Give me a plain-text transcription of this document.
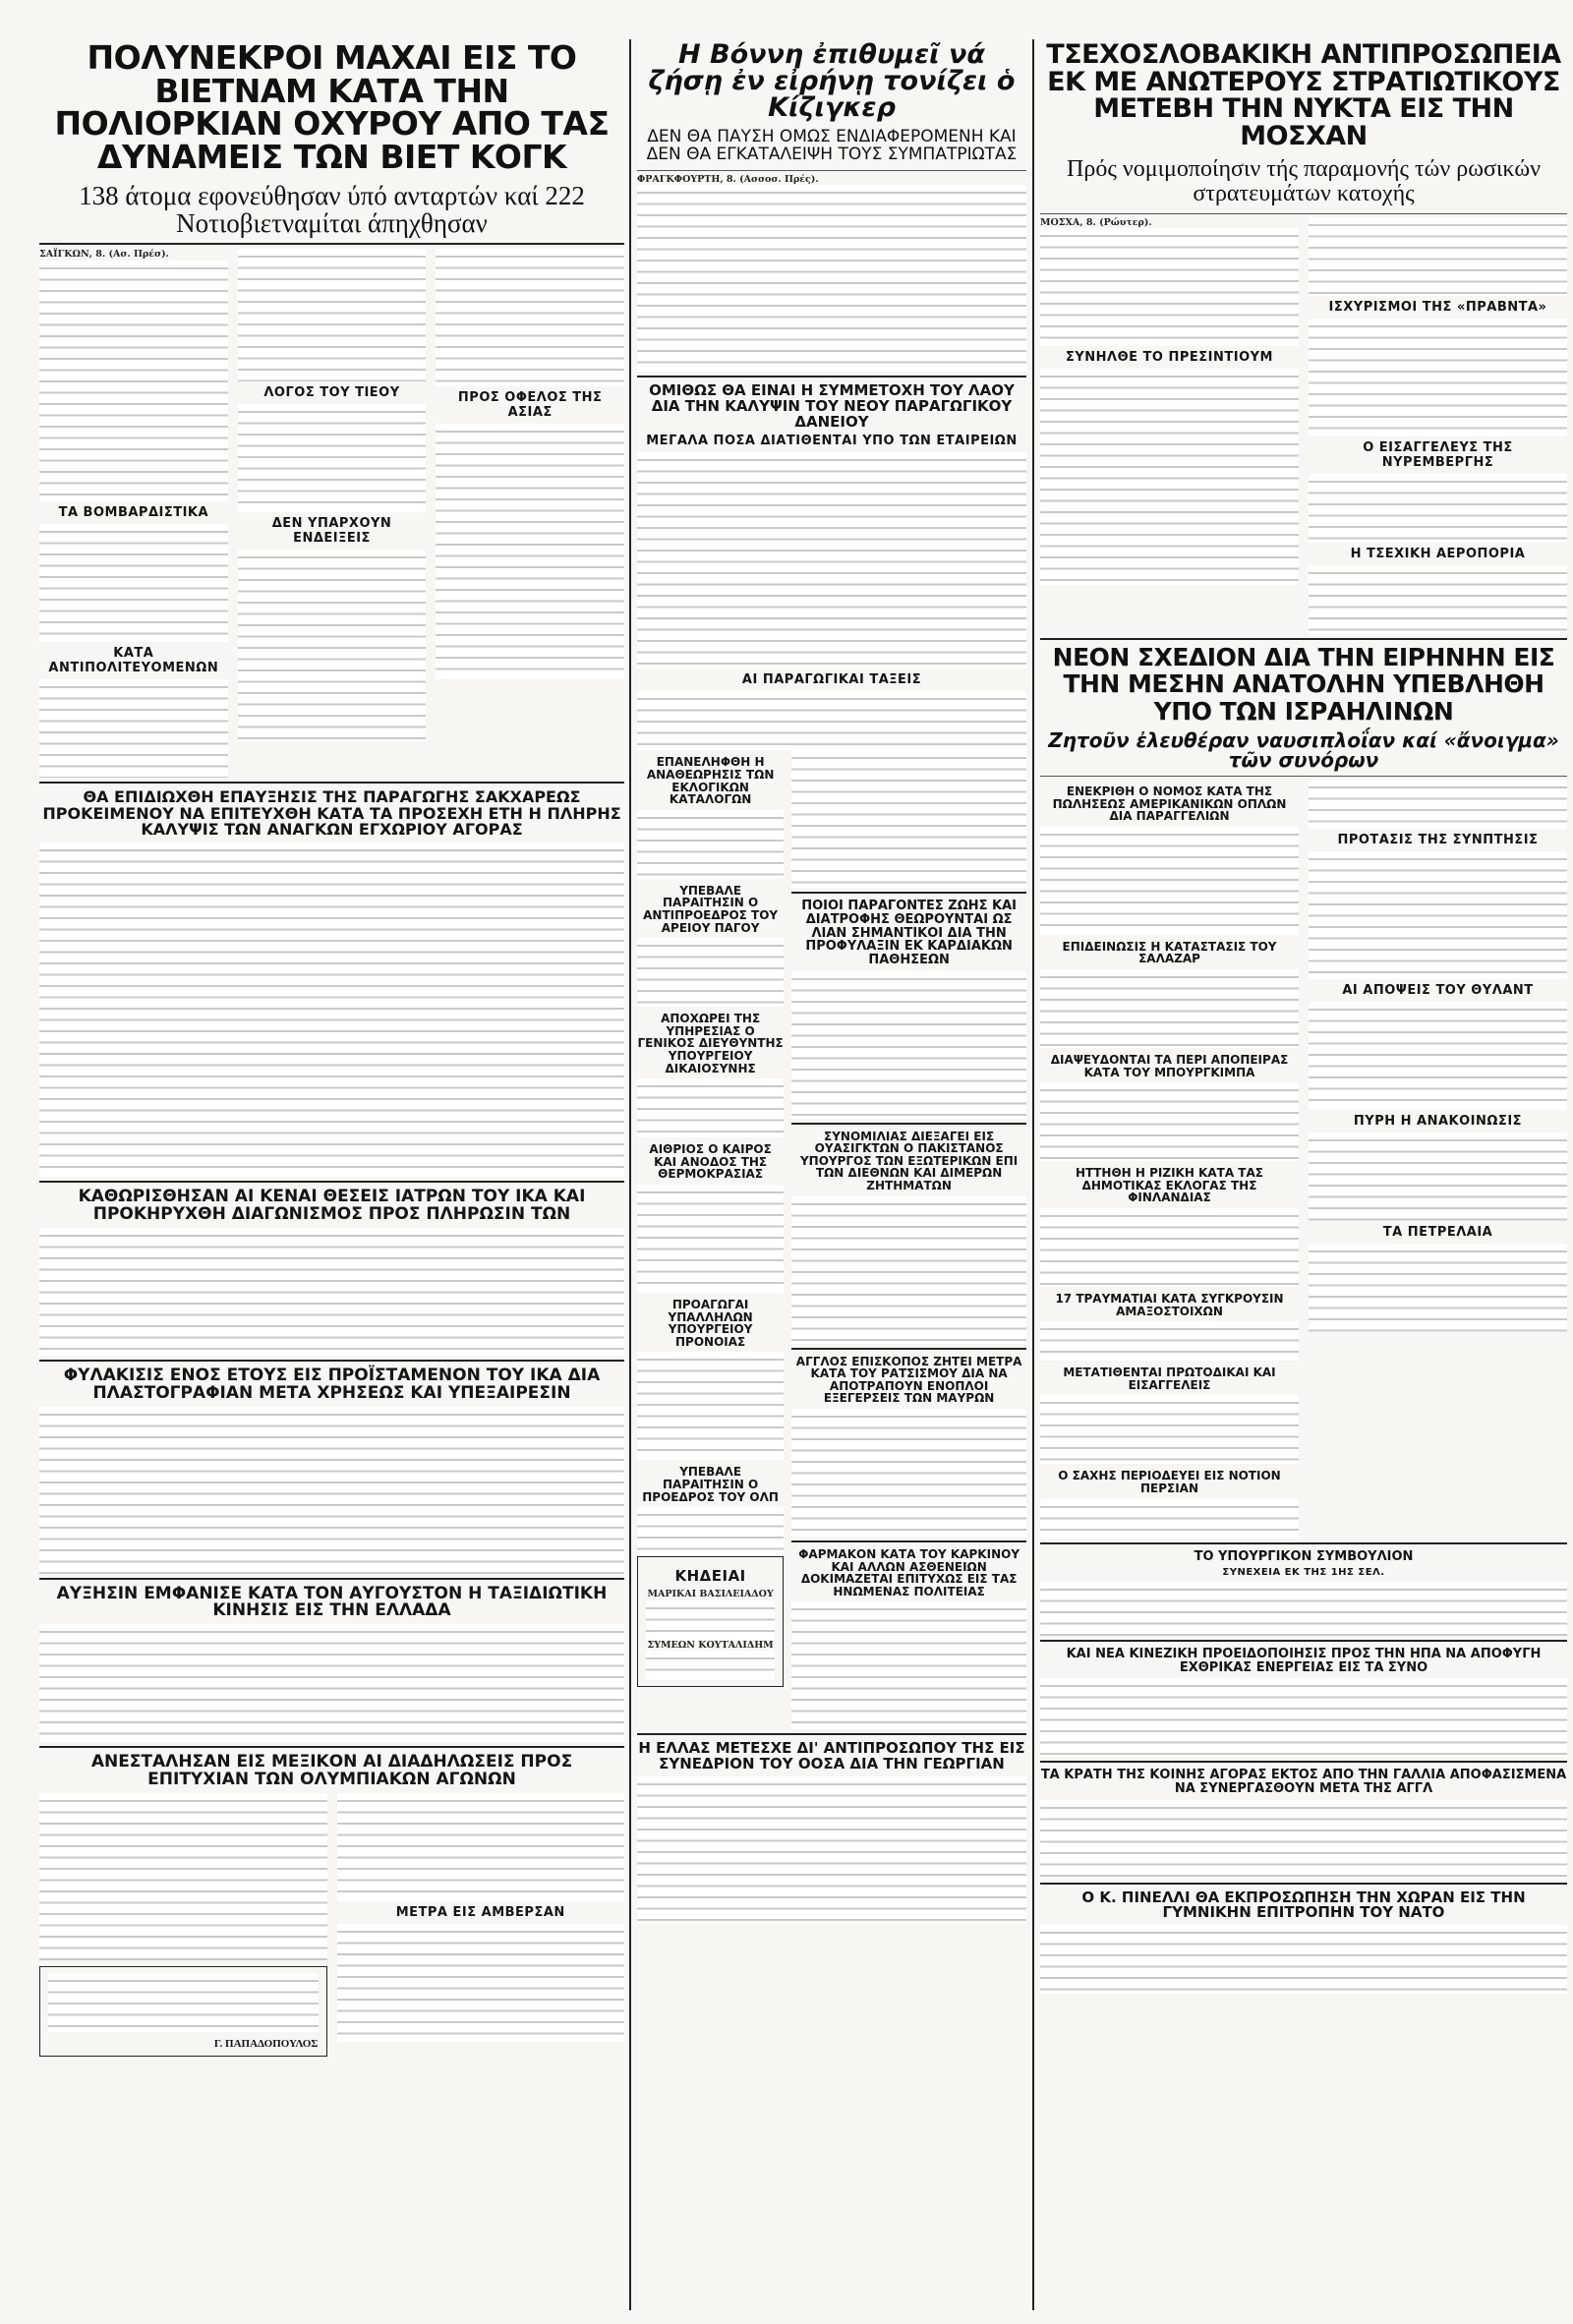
ΠΟΛΥΝΕΚΡΟΙ ΜΑΧΑΙ ΕΙΣ ΤΟ ΒΙΕΤΝΑΜ ΚΑΤΑ ΤΗΝ ΠΟΛΙΟΡΚΙΑΝ ΟΧΥΡΟΥ ΑΠΟ ΤΑΣ ΔΥΝΑΜΕΙΣ ΤΩΝ ΒΙΕΤ ΚΟΓΚ
138 άτομα εφονεύθησαν ύπό ανταρτών καί 222 Νοτιοβιετναμίται άπηχθησαν
ΣΑΪΓΚΩΝ, 8. (Ασ. Πρέσ).
ΤΑ ΒΟΜΒΑΡΔΙΣΤΙΚΑ
ΚΑΤΑ ΑΝΤΙΠΟΛΙΤΕΥΟΜΕΝΩΝ
ΛΟΓΟΣ ΤΟΥ ΤΙΕΟΥ
ΔΕΝ ΥΠΑΡΧΟΥΝ ΕΝΔΕΙΞΕΙΣ
ΠΡΟΣ ΟΦΕΛΟΣ ΤΗΣ ΑΣΙΑΣ
ΘΑ ΕΠΙΔΙΩΧΘΗ ΕΠΑΥΞΗΣΙΣ ΤΗΣ ΠΑΡΑΓΩΓΗΣ ΣΑΚΧΑΡΕΩΣ ΠΡΟΚΕΙΜΕΝΟΥ ΝΑ ΕΠΙΤΕΥΧΘΗ ΚΑΤΑ ΤΑ ΠΡΟΣΕΧΗ ΕΤΗ Η ΠΛΗΡΗΣ ΚΑΛΥΨΙΣ ΤΩΝ ΑΝΑΓΚΩΝ ΕΓΧΩΡΙΟΥ ΑΓΟΡΑΣ
ΚΑΘΩΡΙΣΘΗΣΑΝ ΑΙ ΚΕΝΑΙ ΘΕΣΕΙΣ ΙΑΤΡΩΝ ΤΟΥ ΙΚΑ ΚΑΙ ΠΡΟΚΗΡΥΧΘΗ ΔΙΑΓΩΝΙΣΜΟΣ ΠΡΟΣ ΠΛΗΡΩΣΙΝ ΤΩΝ
ΦΥΛΑΚΙΣΙΣ ΕΝΟΣ ΕΤΟΥΣ ΕΙΣ ΠΡΟΪΣΤΑΜΕΝΟΝ ΤΟΥ ΙΚΑ ΔΙΑ ΠΛΑΣΤΟΓΡΑΦΙΑΝ ΜΕΤΑ ΧΡΗΣΕΩΣ ΚΑΙ ΥΠΕΞΑΙΡΕΣΙΝ
ΑΥΞΗΣΙΝ ΕΜΦΑΝΙΣΕ ΚΑΤΑ ΤΟΝ ΑΥΓΟΥΣΤΟΝ Η ΤΑΞΙΔΙΩΤΙΚΗ ΚΙΝΗΣΙΣ ΕΙΣ ΤΗΝ ΕΛΛΑΔΑ
ΑΝΕΣΤΑΛΗΣΑΝ ΕΙΣ ΜΕΞΙΚΟΝ ΑΙ ΔΙΑΔΗΛΩΣΕΙΣ ΠΡΟΣ ΕΠΙΤΥΧΙΑΝ ΤΩΝ ΟΛΥΜΠΙΑΚΩΝ ΑΓΩΝΩΝ
Γ. ΠΑΠΑΔΟΠΟΥΛΟΣ
ΜΕΤΡΑ ΕΙΣ ΑΜΒΕΡΣΑΝ
Η Βόννη ἐπιθυμεῖ νά ζήσῃ ἐν εἰρήνῃ τονίζει ὁ Κίζιγκερ
ΔΕΝ ΘΑ ΠΑΥΣΗ ΟΜΩΣ ΕΝΔΙΑΦΕΡΟΜΕΝΗ ΚΑΙ ΔΕΝ ΘΑ ΕΓΚΑΤΑΛΕΙΨΗ ΤΟΥΣ ΣΥΜΠΑΤΡΙΩΤΑΣ
ΦΡΑΓΚΦΟΥΡΤΗ, 8. (Ασσοσ. Πρές).
ΟΜΙΘΩΣ ΘΑ ΕΙΝΑΙ Η ΣΥΜΜΕΤΟΧΗ ΤΟΥ ΛΑΟΥ ΔΙΑ ΤΗΝ ΚΑΛΥΨΙΝ ΤΟΥ ΝΕΟΥ ΠΑΡΑΓΩΓΙΚΟΥ ΔΑΝΕΙΟΥ
ΜΕΓΑΛΑ ΠΟΣΑ ΔΙΑΤΙΘΕΝΤΑΙ ΥΠΟ ΤΩΝ ΕΤΑΙΡΕΙΩΝ
ΑΙ ΠΑΡΑΓΩΓΙΚΑΙ ΤΑΞΕΙΣ
ΕΠΑΝΕΛΗΦΘΗ Η ΑΝΑΘΕΩΡΗΣΙΣ ΤΩΝ ΕΚΛΟΓΙΚΩΝ ΚΑΤΑΛΟΓΩΝ
ΥΠΕΒΑΛΕ ΠΑΡΑΙΤΗΣΙΝ Ο ΑΝΤΙΠΡΟΕΔΡΟΣ ΤΟΥ ΑΡΕΙΟΥ ΠΑΓΟΥ
ΑΠΟΧΩΡΕΙ ΤΗΣ ΥΠΗΡΕΣΙΑΣ Ο ΓΕΝΙΚΟΣ ΔΙΕΥΘΥΝΤΗΣ ΥΠΟΥΡΓΕΙΟΥ ΔΙΚΑΙΟΣΥΝΗΣ
ΑΙΘΡΙΟΣ Ο ΚΑΙΡΟΣ ΚΑΙ ΑΝΟΔΟΣ ΤΗΣ ΘΕΡΜΟΚΡΑΣΙΑΣ
ΠΡΟΑΓΩΓΑΙ ΥΠΑΛΛΗΛΩΝ ΥΠΟΥΡΓΕΙΟΥ ΠΡΟΝΟΙΑΣ
ΥΠΕΒΑΛΕ ΠΑΡΑΙΤΗΣΙΝ Ο ΠΡΟΕΔΡΟΣ ΤΟΥ ΟΛΠ
ΚΗΔΕΙΑΙ
ΜΑΡΙΚΑΙ ΒΑΣΙΛΕΙΑΔΟΥ
ΣΥΜΕΩΝ ΚΟΥΤΑΛΙΔΗΜ
ΠΟΙΟΙ ΠΑΡΑΓΟΝΤΕΣ ΖΩΗΣ ΚΑΙ ΔΙΑΤΡΟΦΗΣ ΘΕΩΡΟΥΝΤΑΙ ΩΣ ΛΙΑΝ ΣΗΜΑΝΤΙΚΟΙ ΔΙΑ ΤΗΝ ΠΡΟΦΥΛΑΞΙΝ ΕΚ ΚΑΡΔΙΑΚΩΝ ΠΑΘΗΣΕΩΝ
ΣΥΝΟΜΙΛΙΑΣ ΔΙΕΞΑΓΕΙ ΕΙΣ ΟΥΑΣΙΓΚΤΩΝ Ο ΠΑΚΙΣΤΑΝΟΣ ΥΠΟΥΡΓΟΣ ΤΩΝ ΕΞΩΤΕΡΙΚΩΝ ΕΠΙ ΤΩΝ ΔΙΕΘΝΩΝ ΚΑΙ ΔΙΜΕΡΩΝ ΖΗΤΗΜΑΤΩΝ
ΑΓΓΛΟΣ ΕΠΙΣΚΟΠΟΣ ΖΗΤΕΙ ΜΕΤΡΑ ΚΑΤΑ ΤΟΥ ΡΑΤΣΙΣΜΟΥ ΔΙΑ ΝΑ ΑΠΟΤΡΑΠΟΥΝ ΕΝΟΠΛΟΙ ΕΞΕΓΕΡΣΕΙΣ ΤΩΝ ΜΑΥΡΩΝ
ΦΑΡΜΑΚΟΝ ΚΑΤΑ ΤΟΥ ΚΑΡΚΙΝΟΥ ΚΑΙ ΑΛΛΩΝ ΑΣΘΕΝΕΙΩΝ ΔΟΚΙΜΑΖΕΤΑΙ ΕΠΙΤΥΧΩΣ ΕΙΣ ΤΑΣ ΗΝΩΜΕΝΑΣ ΠΟΛΙΤΕΙΑΣ
Η ΕΛΛΑΣ ΜΕΤΕΣΧΕ ΔΙ' ΑΝΤΙΠΡΟΣΩΠΟΥ ΤΗΣ ΕΙΣ ΣΥΝΕΔΡΙΟΝ ΤΟΥ ΟΟΣΑ ΔΙΑ ΤΗΝ ΓΕΩΡΓΙΑΝ
ΤΣΕΧΟΣΛΟΒΑΚΙΚΗ ΑΝΤΙΠΡΟΣΩΠΕΙΑ ΕΚ ΜΕ ΑΝΩΤΕΡΟΥΣ ΣΤΡΑΤΙΩΤΙΚΟΥΣ ΜΕΤΕΒΗ ΤΗΝ ΝΥΚΤΑ ΕΙΣ ΤΗΝ ΜΟΣΧΑΝ
Πρός νομιμοποίησιν τής παραμονής τών ρωσικών στρατευμάτων κατοχής
ΜΟΣΧΑ, 8. (Ρώυτερ).
ΣΥΝΗΛΘΕ ΤΟ ΠΡΕΣΙΝΤΙΟΥΜ
ΙΣΧΥΡΙΣΜΟΙ ΤΗΣ «ΠΡΑΒΝΤΑ»
Ο ΕΙΣΑΓΓΕΛΕΥΣ ΤΗΣ ΝΥΡΕΜΒΕΡΓΗΣ
Η ΤΣΕΧΙΚΗ ΑΕΡΟΠΟΡΙΑ
ΝΕΟΝ ΣΧΕΔΙΟΝ ΔΙΑ ΤΗΝ ΕΙΡΗΝΗΝ ΕΙΣ ΤΗΝ ΜΕΣΗΝ ΑΝΑΤΟΛΗΝ ΥΠΕΒΛΗΘΗ ΥΠΟ ΤΩΝ ΙΣΡΑΗΛΙΝΩΝ
Ζητοῦν ἐλευθέραν ναυσιπλοΐαν καί «ἄνοιγμα» τῶν συνόρων
ΕΝΕΚΡΙΘΗ Ο ΝΟΜΟΣ ΚΑΤΑ ΤΗΣ ΠΩΛΗΣΕΩΣ ΑΜΕΡΙΚΑΝΙΚΩΝ ΟΠΛΩΝ ΔΙΑ ΠΑΡΑΓΓΕΛΙΩΝ
ΕΠΙΔΕΙΝΩΣΙΣ Η ΚΑΤΑΣΤΑΣΙΣ ΤΟΥ ΣΑΛΑΖΑΡ
ΔΙΑΨΕΥΔΟΝΤΑΙ ΤΑ ΠΕΡΙ ΑΠΟΠΕΙΡΑΣ ΚΑΤΑ ΤΟΥ ΜΠΟΥΡΓΚΙΜΠΑ
ΗΤΤΗΘΗ Η ΡΙΖΙΚΗ ΚΑΤΑ ΤΑΣ ΔΗΜΟΤΙΚΑΣ ΕΚΛΟΓΑΣ ΤΗΣ ΦΙΝΛΑΝΔΙΑΣ
17 ΤΡΑΥΜΑΤΙΑΙ ΚΑΤΑ ΣΥΓΚΡΟΥΣΙΝ ΑΜΑΞΟΣΤΟΙΧΩΝ
ΜΕΤΑΤΙΘΕΝΤΑΙ ΠΡΩΤΟΔΙΚΑΙ ΚΑΙ ΕΙΣΑΓΓΕΛΕΙΣ
Ο ΣΑΧΗΣ ΠΕΡΙΟΔΕΥΕΙ ΕΙΣ ΝΟΤΙΟΝ ΠΕΡΣΙΑΝ
ΠΡΟΤΑΣΙΣ ΤΗΣ ΣΥΝΠΤΗΣΙΣ
ΑΙ ΑΠΟΨΕΙΣ ΤΟΥ ΘΥΛΑΝΤ
ΠΥΡΗ Η ΑΝΑΚΟΙΝΩΣΙΣ
ΤΑ ΠΕΤΡΕΛΑΙΑ
ΤΟ ΥΠΟΥΡΓΙΚΟΝ ΣΥΜΒΟΥΛΙΟΝ
ΣΥΝΕΧΕΙΑ ΕΚ ΤΗΣ 1ΗΣ ΣΕΛ.
ΚΑΙ ΝΕΑ ΚΙΝΕΖΙΚΗ ΠΡΟΕΙΔΟΠΟΙΗΣΙΣ ΠΡΟΣ ΤΗΝ ΗΠΑ ΝΑ ΑΠΟΦΥΓΗ ΕΧΘΡΙΚΑΣ ΕΝΕΡΓΕΙΑΣ ΕΙΣ ΤΑ ΣΥΝΟ
ΤΑ ΚΡΑΤΗ ΤΗΣ ΚΟΙΝΗΣ ΑΓΟΡΑΣ ΕΚΤΟΣ ΑΠΟ ΤΗΝ ΓΑΛΛΙΑ ΑΠΟΦΑΣΙΣΜΕΝΑ ΝΑ ΣΥΝΕΡΓΑΣΘΟΥΝ ΜΕΤΑ ΤΗΣ ΑΓΓΛ
Ο Κ. ΠΙΝΕΛΛΙ ΘΑ ΕΚΠΡΟΣΩΠΗΣΗ ΤΗΝ ΧΩΡΑΝ ΕΙΣ ΤΗΝ ΓΥΜΝΙΚΗΝ ΕΠΙΤΡΟΠΗΝ ΤΟΥ ΝΑΤΟ
